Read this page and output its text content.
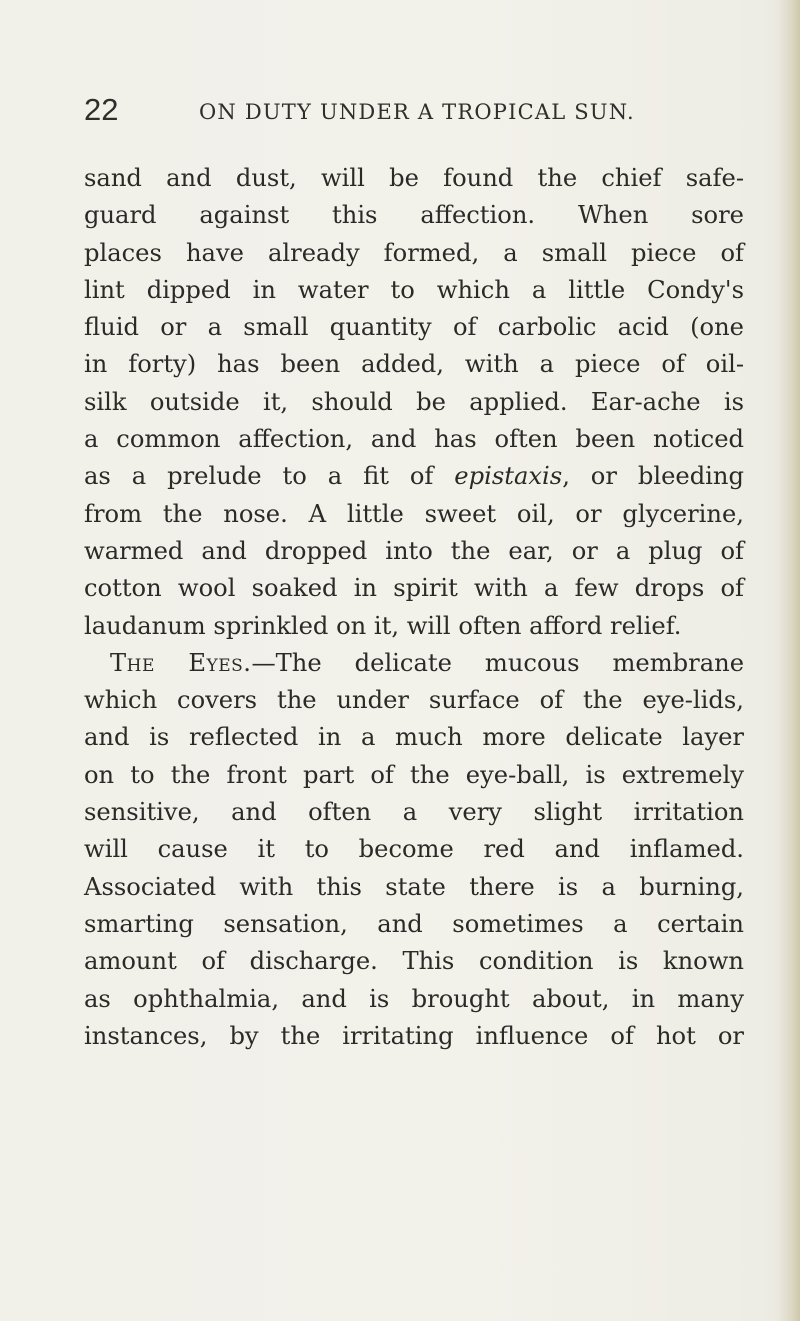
22	ON DUTY UNDER A TROPICAL SUN.
sand and dust, will be found the chief safe-
guard against this affection. When sore
places have already formed, a small piece of
lint dipped in water to which a little Condy's
fluid or a small quantity of carbolic acid (one
in forty) has been added, with a piece of oil-
silk outside it, should be applied. Ear-ache is
a common affection, and has often been noticed
as a prelude to a fit of epistaxis, or bleeding
from the nose. A little sweet oil, or glycerine,
warmed and dropped into the ear, or a plug of
cotton wool soaked in spirit with a few drops of
laudanum sprinkled on it, will often afford relief.
The Eyes.—The delicate mucous membrane
which covers the under surface of the eye-lids,
and is reflected in a much more delicate layer
on to the front part of the eye-ball, is extremely
sensitive, and often a very slight irritation
will cause it to become red and inflamed.
Associated with this state there is a burning,
smarting sensation, and sometimes a certain
amount of discharge. This condition is known
as ophthalmia, and is brought about, in many
instances, by the irritating influence of hot or
